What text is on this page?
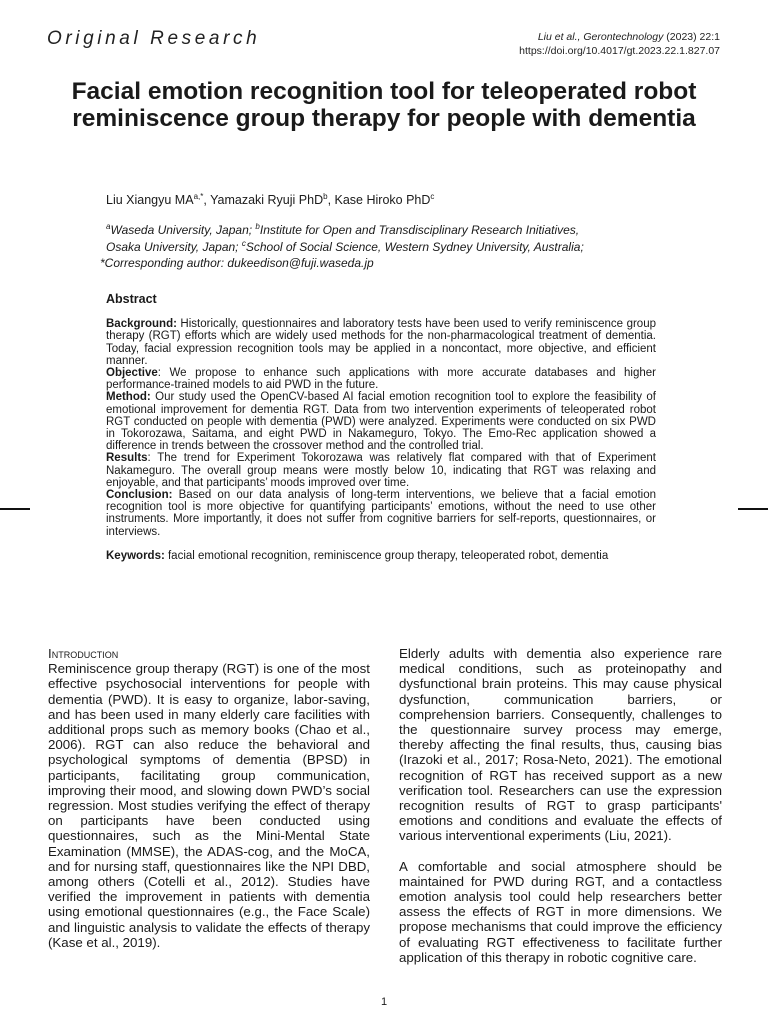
Original Research	Liu et al., Gerontechnology (2023) 22:1
https://doi.org/10.4017/gt.2023.22.1.827.07
Facial emotion recognition tool for teleoperated robot reminiscence group therapy for people with dementia
Liu Xiangyu $MA^{a,*}$, Yamazaki Ryuji PhD$^b$, Kase Hiroko PhD$^c$
$^a$Waseda University, Japan; $^b$Institute for Open and Transdisciplinary Research Initiatives,
Osaka University, Japan; $^c$School of Social Science, Western Sydney University, Australia;
*Corresponding author: dukeedison@fuji.waseda.jp
Abstract

Background: Historically, questionnaires and laboratory tests have been used to verify reminiscence group therapy (RGT) efforts which are widely used methods for the non-pharmacological treatment of dementia. Today, facial expression recognition tools may be applied in a noncontact, more objective, and efficient manner.

Objective: We propose to enhance such applications with more accurate databases and higher performance-trained models to aid PWD in the future.

Method: Our study used the OpenCV-based AI facial emotion recognition tool to explore the feasibility of emotional improvement for dementia RGT. Data from two intervention experiments of teleoperated robot RGT conducted on people with dementia (PWD) were analyzed. Experiments were conducted on six PWD in Tokorozawa, Saitama, and eight PWD in Nakameguro, Tokyo. The Emo-Rec application showed a difference in trends between the crossover method and the controlled trial.

Results: The trend for Experiment Tokorozawa was relatively flat compared with that of Experiment Nakameguro. The overall group means were mostly below 10, indicating that RGT was relaxing and enjoyable, and that participants’ moods improved over time.

Conclusion: Based on our data analysis of long-term interventions, we believe that a facial emotion recognition tool is more objective for quantifying participants’ emotions, without the need to use other instruments. More importantly, it does not suffer from cognitive barriers for self-reports, questionnaires, or interviews.

Keywords: facial emotional recognition, reminiscence group therapy, teleoperated robot, dementia

Introduction

Reminiscence group therapy (RGT) is one of the most effective psychosocial interventions for people with dementia (PWD). It is easy to organize, labor-saving, and has been used in many elderly care facilities with additional props such as memory books (Chao et al., 2006). RGT can also reduce the behavioral and psychological symptoms of dementia (BPSD) in participants, facilitating group communication, improving their mood, and slowing down PWD’s social regression. Most studies verifying the effect of therapy on participants have been conducted using questionnaires, such as the Mini-Mental State Examination (MMSE), the ADAS-cog, and the MoCA, and for nursing staff, questionnaires like the NPI DBD, among others (Cotelli et al., 2012). Studies have verified the improvement in patients with dementia using emotional questionnaires (e.g., the Face Scale) and linguistic analysis to validate the effects of therapy (Kase et al., 2019).

Elderly adults with dementia also experience rare medical conditions, such as proteinopathy and dysfunctional brain proteins. This may cause physical dysfunction, communication barriers, or comprehension barriers. Consequently, challenges to the questionnaire survey process may emerge, thereby affecting the final results, thus, causing bias (Irazoki et al., 2017; Rosa-Neto, 2021). The emotional recognition of RGT has received support as a new verification tool. Researchers can use the expression recognition results of RGT to grasp participants' emotions and conditions and evaluate the effects of various interventional experiments (Liu, 2021).

A comfortable and social atmosphere should be maintained for PWD during RGT, and a contactless emotion analysis tool could help researchers better assess the effects of RGT in more dimensions. We propose mechanisms that could improve the efficiency of evaluating RGT effectiveness to facilitate further application of this therapy in robotic cognitive care.

1
